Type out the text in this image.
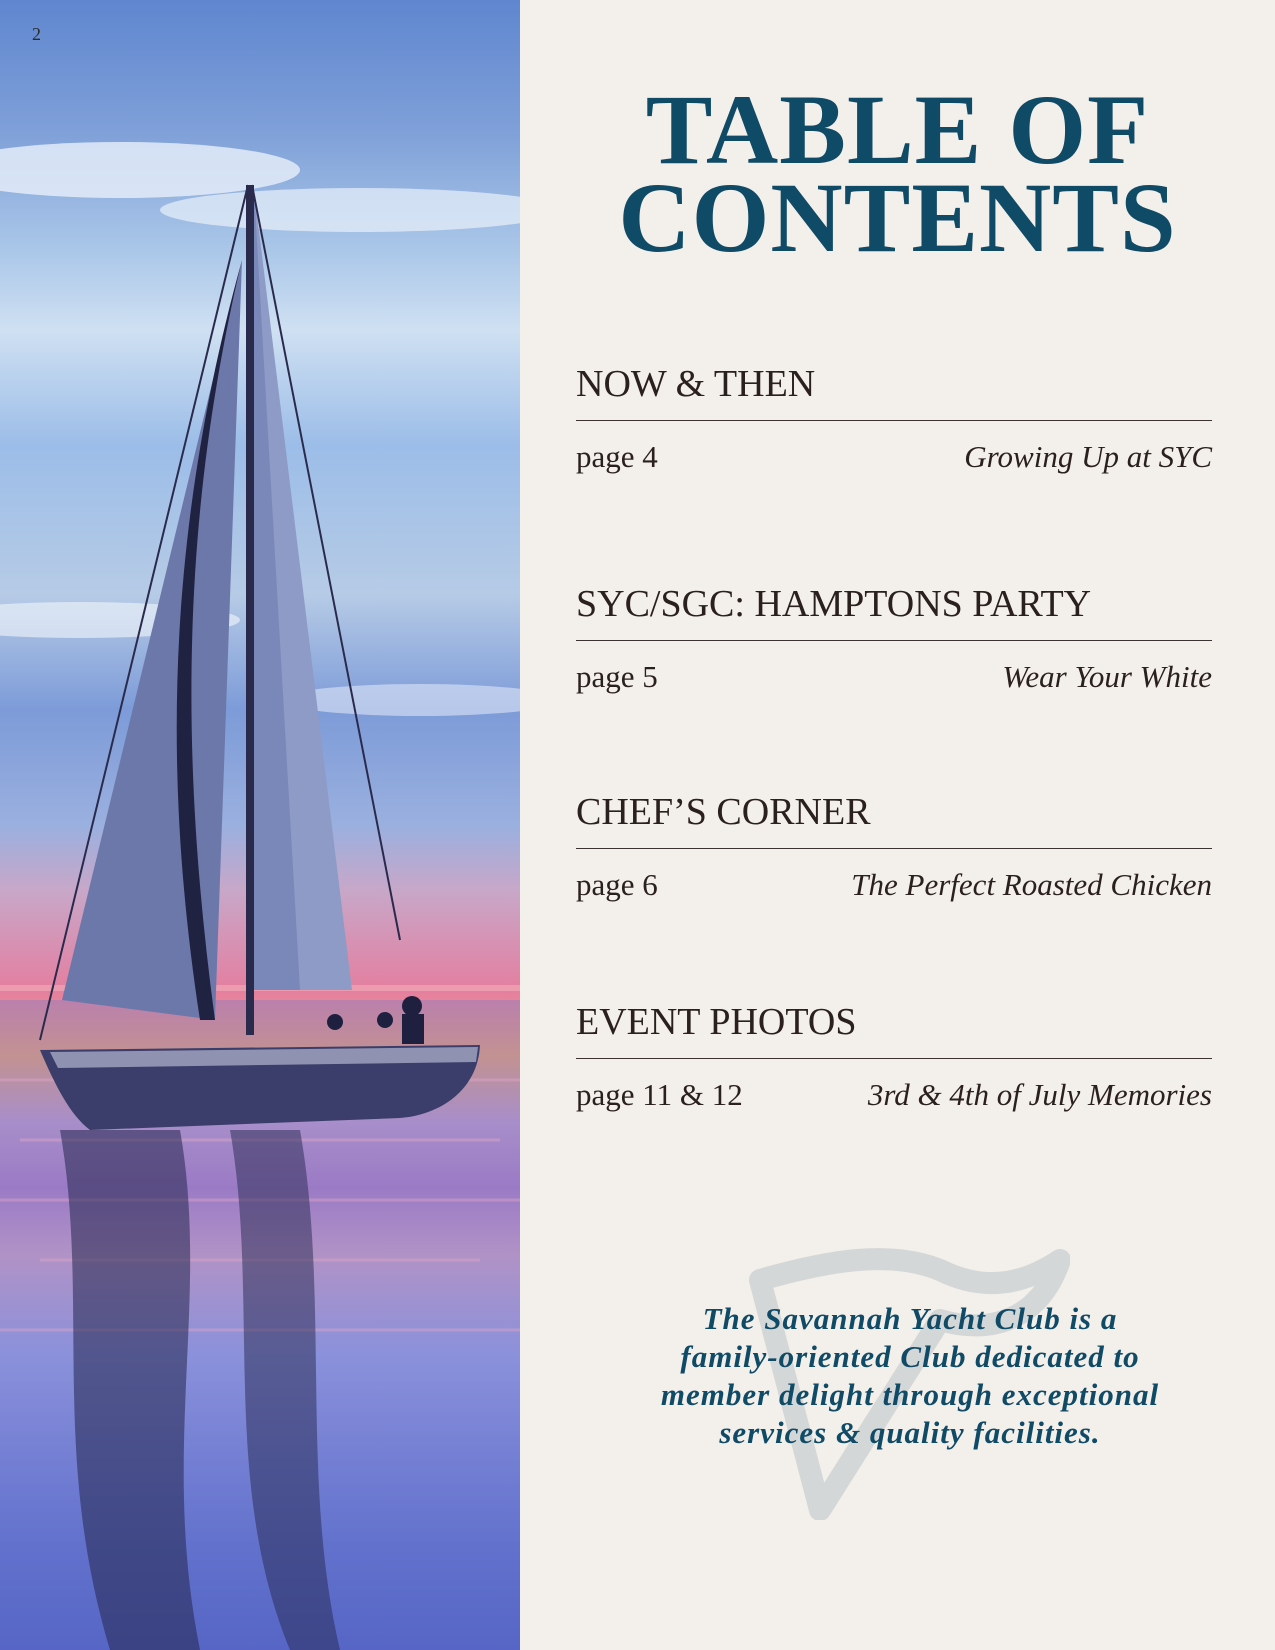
2
TABLE OF
CONTENTS
NOW & THEN
page 4	Growing Up at SYC
SYC/SGC: HAMPTONS PARTY
page 5	Wear Your White
CHEF’S CORNER
page 6	The Perfect Roasted Chicken
EVENT PHOTOS
page 11 & 12	3rd & 4th of July Memories
The Savannah Yacht Club is a
family-oriented Club dedicated to
member delight through exceptional
services & quality facilities.
